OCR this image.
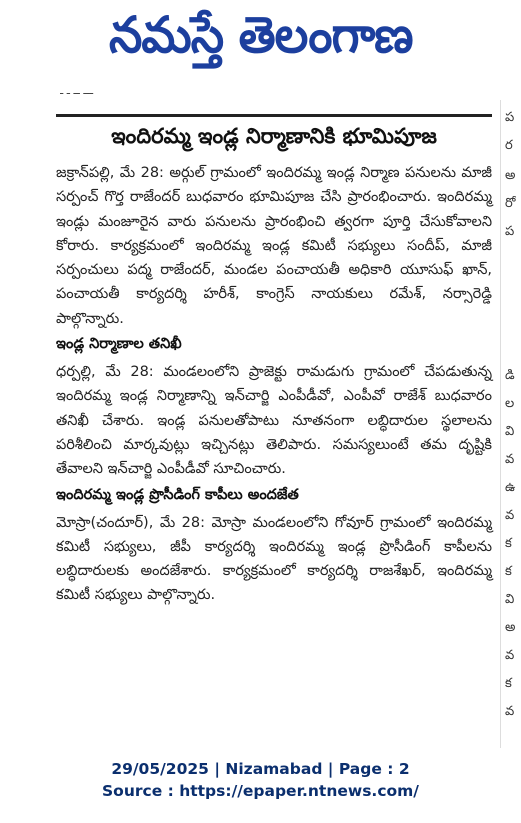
నమస్తే తెలంగాణ
ـــ ــ ـ ـ
ఇందిరమ్మ ఇండ్ల నిర్మాణానికి భూమిపూజ

జక్రాన్‌పల్లి, మే 28: అర్గుల్ గ్రామంలో ఇందిరమ్మ ఇండ్ల నిర్మాణ పనులను మాజీ సర్పంచ్ గొర్త రాజేందర్ బుధవారం భూమిపూజ చేసి ప్రారంభించారు. ఇందిరమ్మ ఇండ్లు మంజూరైన వారు పనులను ప్రారంభించి త్వరగా పూర్తి చేసుకోవాలని కోరారు. కార్యక్రమంలో ఇందిరమ్మ ఇండ్ల కమిటీ సభ్యులు సందీప్, మాజీ సర్పంచులు పద్మ రాజేందర్, మండల పంచాయతీ అధికారి యూసుఫ్ ఖాన్, పంచాయతీ కార్యదర్శి హరీశ్, కాంగ్రెస్ నాయకులు రమేశ్, నర్సారెడ్డి పాల్గొన్నారు.

ఇండ్ల నిర్మాణాల తనిఖీ

ధర్పల్లి, మే 28: మండలంలోని ప్రాజెక్టు రామడుగు గ్రామంలో చేపడుతున్న ఇందిరమ్మ ఇండ్ల నిర్మాణాన్ని ఇన్‌చార్జి ఎంపీడీవో, ఎంపీవో రాజేశ్ బుధవారం తనిఖీ చేశారు. ఇండ్ల పనులతోపాటు నూతనంగా లబ్ధిదారుల స్థలాలను పరిశీలించి మార్కవుట్లు ఇచ్చినట్లు తెలిపారు. సమస్యలుంటే తమ దృష్టికి తేవాలని ఇన్‌చార్జి ఎంపీడీవో సూచించారు.

ఇందిరమ్మ ఇండ్ల ప్రొసీడింగ్ కాపీలు అందజేత

మోస్రా(చందూర్), మే 28: మోస్రా మండలంలోని గోవూర్ గ్రామంలో ఇందిరమ్మ కమిటీ సభ్యులు, జీపీ కార్యదర్శి ఇందిరమ్మ ఇండ్ల ప్రొసీడింగ్ కాపీలను లబ్ధిదారులకు అందజేశారు. కార్యక్రమంలో కార్యదర్శి రాజశేఖర్, ఇందిరమ్మ కమిటీ సభ్యులు పాల్గొన్నారు.

ప
ర
అ
రో
ప
డి
ల
వి
వ
ఉ
వ
క
క
వి
అ
వ
క
వ
29/05/2025 | Nizamabad | Page : 2
Source : https://epaper.ntnews.com/
